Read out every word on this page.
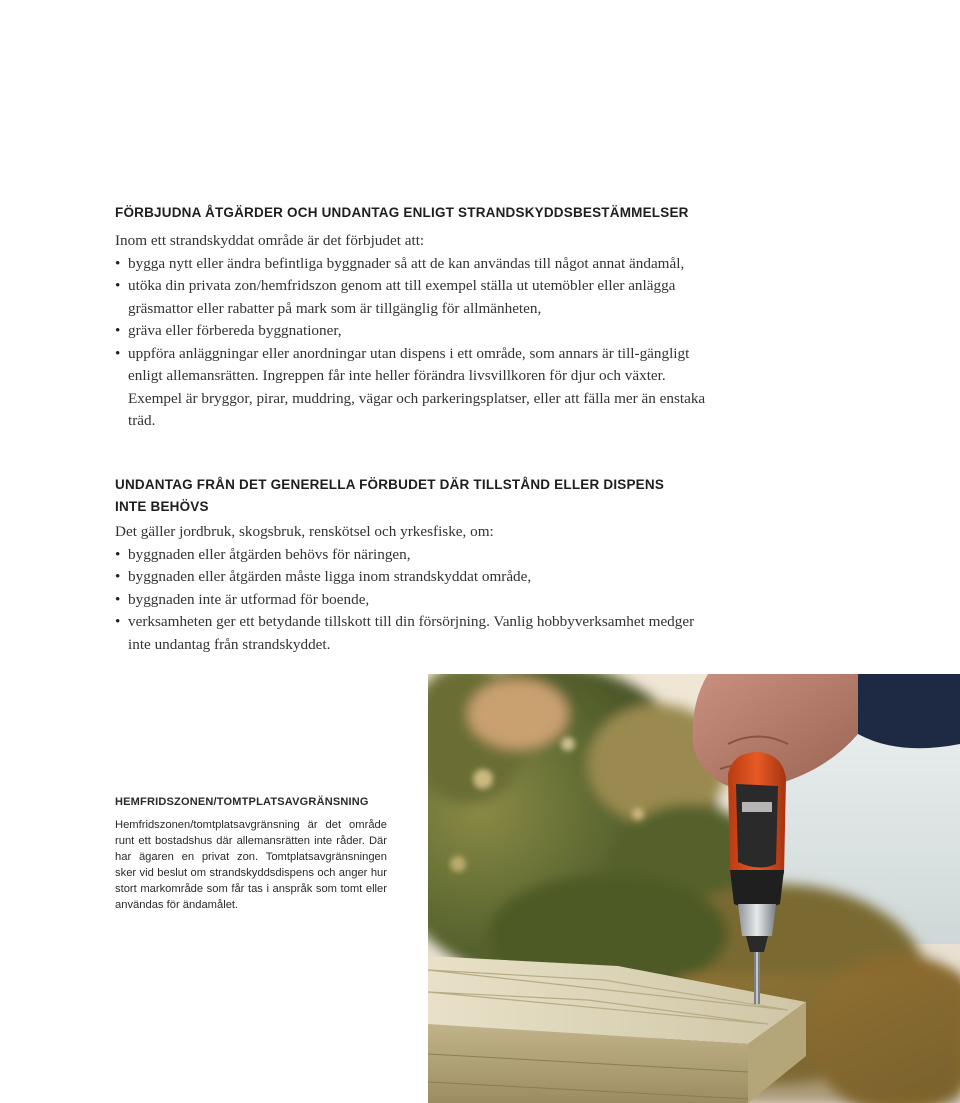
FÖRBJUDNA ÅTGÄRDER OCH UNDANTAG ENLIGT STRANDSKYDDSBESTÄMMELSER

Inom ett strandskyddat område är det förbjudet att:

• bygga nytt eller ändra befintliga byggnader så att de kan användas till något annat ändamål,
• utöka din privata zon/hemfridszon genom att till exempel ställa ut utemöbler eller anlägga gräsmattor eller rabatter på mark som är tillgänglig för allmänheten,
• gräva eller förbereda byggnationer,
• uppföra anläggningar eller anordningar utan dispens i ett område, som annars är till-gängligt enligt allemansrätten. Ingreppen får inte heller förändra livsvillkoren för djur och växter. Exempel är bryggor, pirar, muddring, vägar och parkeringsplatser, eller att fälla mer än enstaka träd.
UNDANTAG FRÅN DET GENERELLA FÖRBUDET DÄR TILLSTÅND ELLER DISPENS
INTE BEHÖVS

Det gäller jordbruk, skogsbruk, renskötsel och yrkesfiske, om:

• byggnaden eller åtgärden behövs för näringen,
• byggnaden eller åtgärden måste ligga inom strandskyddat område,
• byggnaden inte är utformad för boende,
• verksamheten ger ett betydande tillskott till din försörjning. Vanlig hobbyverksamhet medger inte undantag från strandskyddet.
HEMFRIDSZONEN/TOMTPLATSAVGRÄNSNING

Hemfridszonen/tomtplatsavgränsning är det område runt ett bostadshus där allemansrätten inte råder. Där har ägaren en privat zon. Tomtplatsavgränsningen sker vid beslut om strandskyddsdispens och anger hur stort markområde som får tas i anspråk som tomt eller användas för ändamålet.
